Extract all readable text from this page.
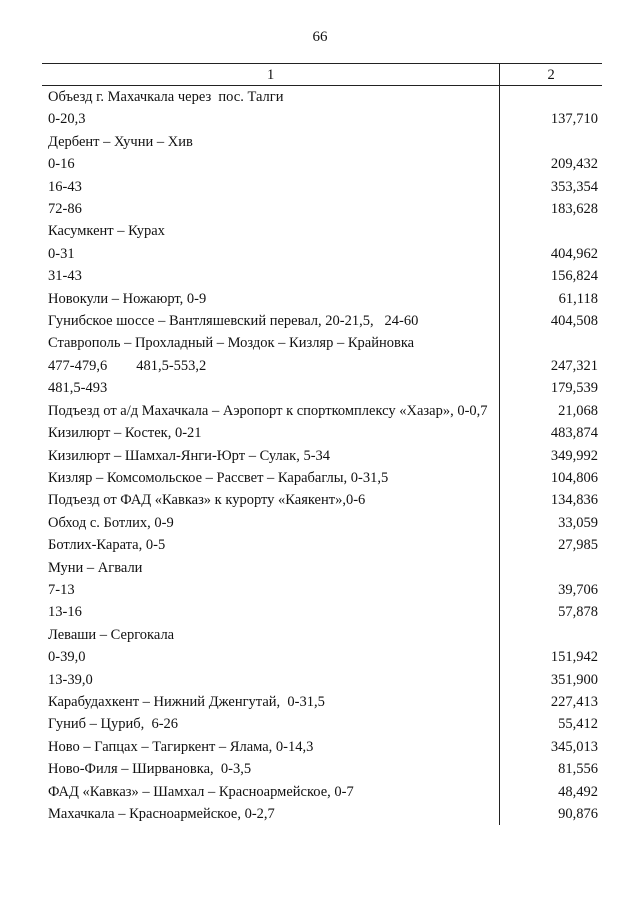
66
1	2
Объезд г. Махачкала через  пос. Талги	
0-20,3	137,710
Дербент – Хучни – Хив	
0-16	209,432
16-43	353,354
72-86	183,628
Касумкент – Курах	
0-31	404,962
31-43	156,824
Новокули – Ножаюрт, 0-9	61,118
Гунибское шоссе – Вантляшевский перевал, 20-21,5,   24-60	404,508
Ставрополь – Прохладный – Моздок – Кизляр – Крайновка	
477-479,6        481,5-553,2	247,321
481,5-493	179,539
Подъезд от а/д Махачкала – Аэропорт к спорткомплексу «Хазар», 0-0,7	21,068
Кизилюрт – Костек, 0-21	483,874
Кизилюрт – Шамхал-Янги-Юрт – Сулак, 5-34	349,992
Кизляр – Комсомольское – Рассвет – Карабаглы, 0-31,5	104,806
Подъезд от ФАД «Кавказ» к курорту «Каякент»,0-6	134,836
Обход с. Ботлих, 0-9	33,059
Ботлих-Карата, 0-5	27,985
Муни – Агвали	
7-13	39,706
13-16	57,878
Леваши – Сергокала	
0-39,0	151,942
13-39,0	351,900
Карабудахкент – Нижний Дженгутай,  0-31,5	227,413
Гуниб – Цуриб,  6-26	55,412
Ново – Гапцах – Тагиркент – Ялама, 0-14,3	345,013
Ново-Филя – Ширвановка,  0-3,5	81,556
ФАД «Кавказ» – Шамхал – Красноармейское, 0-7	48,492
Махачкала – Красноармейское, 0-2,7	90,876
